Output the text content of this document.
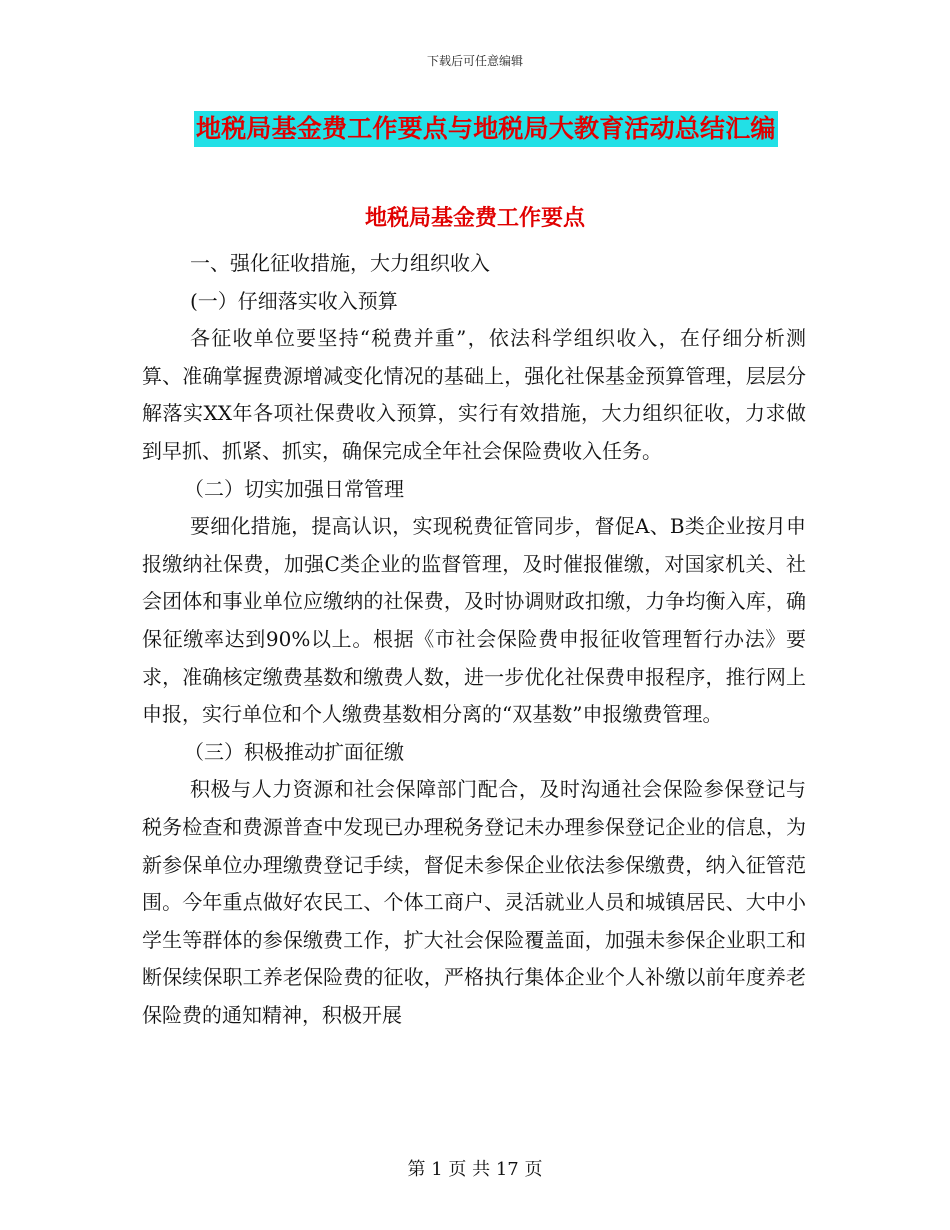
下载后可任意编辑
地税局基金费工作要点与地税局大教育活动总结汇编
地税局基金费工作要点

一、强化征收措施，大力组织收入

(一）仔细落实收入预算

各征收单位要坚持“税费并重”，依法科学组织收入，在仔细分析测算、准确掌握费源增减变化情况的基础上，强化社保基金预算管理，层层分解落实XX年各项社保费收入预算，实行有效措施，大力组织征收，力求做到早抓、抓紧、抓实，确保完成全年社会保险费收入任务。

（二）切实加强日常管理

要细化措施，提高认识，实现税费征管同步，督促A、B类企业按月申报缴纳社保费，加强C类企业的监督管理，及时催报催缴，对国家机关、社会团体和事业单位应缴纳的社保费，及时协调财政扣缴，力争均衡入库，确保征缴率达到90%以上。根据《市社会保险费申报征收管理暂行办法》要求，准确核定缴费基数和缴费人数，进一步优化社保费申报程序，推行网上申报，实行单位和个人缴费基数相分离的“双基数”申报缴费管理。

（三）积极推动扩面征缴

积极与人力资源和社会保障部门配合，及时沟通社会保险参保登记与税务检查和费源普查中发现已办理税务登记未办理参保登记企业的信息，为新参保单位办理缴费登记手续，督促未参保企业依法参保缴费，纳入征管范围。今年重点做好农民工、个体工商户、灵活就业人员和城镇居民、大中小学生等群体的参保缴费工作，扩大社会保险覆盖面，加强未参保企业职工和断保续保职工养老保险费的征收，严格执行集体企业个人补缴以前年度养老保险费的通知精神，积极开展

第 1 页 共 17 页
